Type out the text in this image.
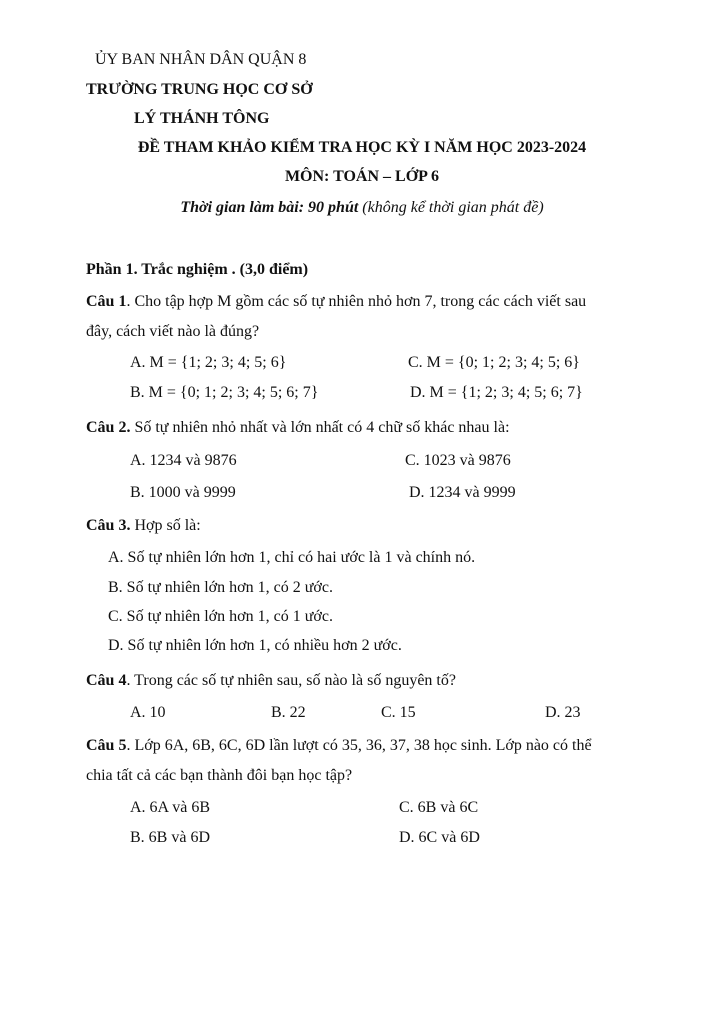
ỦY BAN NHÂN DÂN QUẬN 8
TRƯỜNG TRUNG HỌC CƠ SỞ
LÝ THÁNH TÔNG
ĐỀ THAM KHẢO KIỂM TRA HỌC KỲ I NĂM HỌC 2023-2024
MÔN: TOÁN – LỚP 6
Thời gian làm bài: 90 phút (không kể thời gian phát đề)
Phần 1. Trắc nghiệm . (3,0 điểm)
Câu 1. Cho tập hợp M gồm các số tự nhiên nhỏ hơn 7, trong các cách viết sau
đây, cách viết nào là đúng?
A. M = {1; 2; 3; 4; 5; 6}	C. M = {0; 1; 2; 3; 4; 5; 6}
B. M = {0; 1; 2; 3; 4; 5; 6; 7}	D. M = {1; 2; 3; 4; 5; 6; 7}
Câu 2. Số tự nhiên nhỏ nhất và lớn nhất có 4 chữ số khác nhau là:
A. 1234 và 9876	C. 1023 và 9876
B. 1000 và 9999	D. 1234 và 9999
Câu 3. Hợp số là:
A. Số tự nhiên lớn hơn 1, chỉ có hai ước là 1 và chính nó.
B. Số tự nhiên lớn hơn 1, có 2 ước.
C. Số tự nhiên lớn hơn 1, có 1 ước.
D. Số tự nhiên lớn hơn 1, có nhiều hơn 2 ước.
Câu 4. Trong các số tự nhiên sau, số nào là số nguyên tố?
A. 10	B. 22	C. 15	D. 23
Câu 5. Lớp 6A, 6B, 6C, 6D lần lượt có 35, 36, 37, 38 học sinh. Lớp nào có thể
chia tất cả các bạn thành đôi bạn học tập?
A. 6A và 6B	C. 6B và 6C
B. 6B và 6D	D. 6C và 6D
